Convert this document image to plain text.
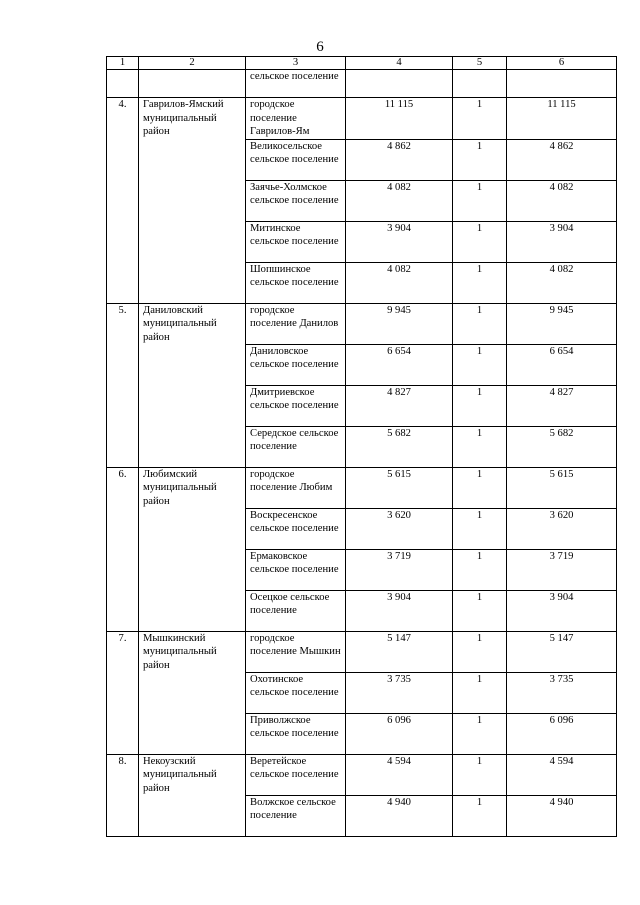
6
1	2	3	4	5	6
		сельское поселение			
4.	Гаврилов-Ямский муниципальный район	городское поселение Гаврилов-Ям	11 115	1	11 115
		Великосельское сельское поселение	4 862	1	4 862
		Заячье-Холмское сельское поселение	4 082	1	4 082
		Митинское сельское поселение	3 904	1	3 904
		Шопшинское сельское поселение	4 082	1	4 082
5.	Даниловский муниципальный район	городское поселение Данилов	9 945	1	9 945
		Даниловское сельское поселение	6 654	1	6 654
		Дмитриевское сельское поселение	4 827	1	4 827
		Середское сельское поселение	5 682	1	5 682
6.	Любимский муниципальный район	городское поселение Любим	5 615	1	5 615
		Воскресенское сельское поселение	3 620	1	3 620
		Ермаковское сельское поселение	3 719	1	3 719
		Осецкое сельское поселение	3 904	1	3 904
7.	Мышкинский муниципальный район	городское поселение Мышкин	5 147	1	5 147
		Охотинское сельское поселение	3 735	1	3 735
		Приволжское сельское поселение	6 096	1	6 096
8.	Некоузский муниципальный район	Веретейское сельское поселение	4 594	1	4 594
		Волжское сельское поселение	4 940	1	4 940
